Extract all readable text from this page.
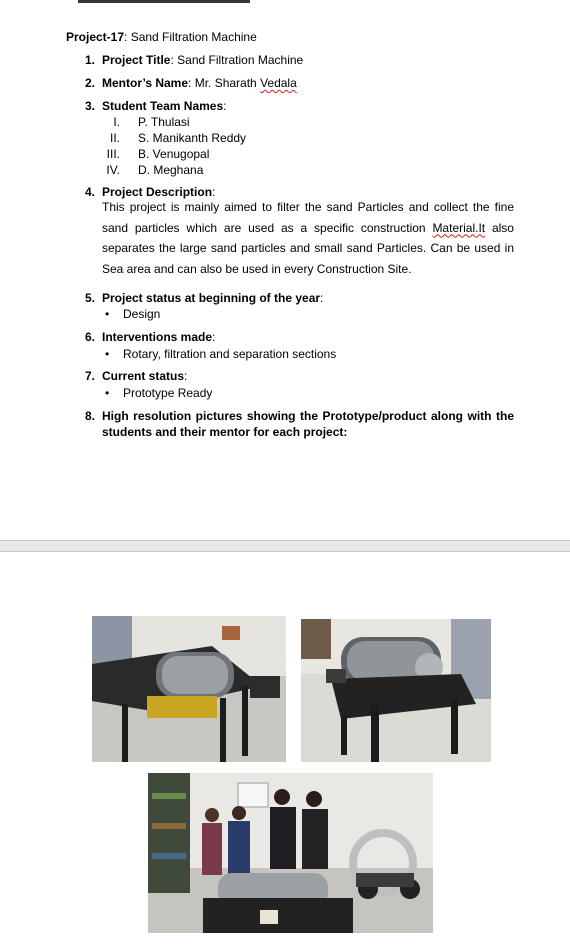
Project-17: Sand Filtration Machine
1. Project Title: Sand Filtration Machine
2. Mentor’s Name: Mr. Sharath Vedala
3. Student Team Names:
I. P. Thulasi
II. S. Manikanth Reddy
III. B. Venugopal
IV. D. Meghana
4. Project Description:
This project is mainly aimed to filter the sand Particles and collect the fine sand particles which are used as a specific construction Material.It also separates the large sand particles and small sand Particles. Can be used in Sea area and can also be used in every Construction Site.
5. Project status at beginning of the year:
• Design
6. Interventions made:
• Rotary, filtration and separation sections
7. Current status:
• Prototype Ready
8. High resolution pictures showing the Prototype/product along with the
students and their mentor for each project:
